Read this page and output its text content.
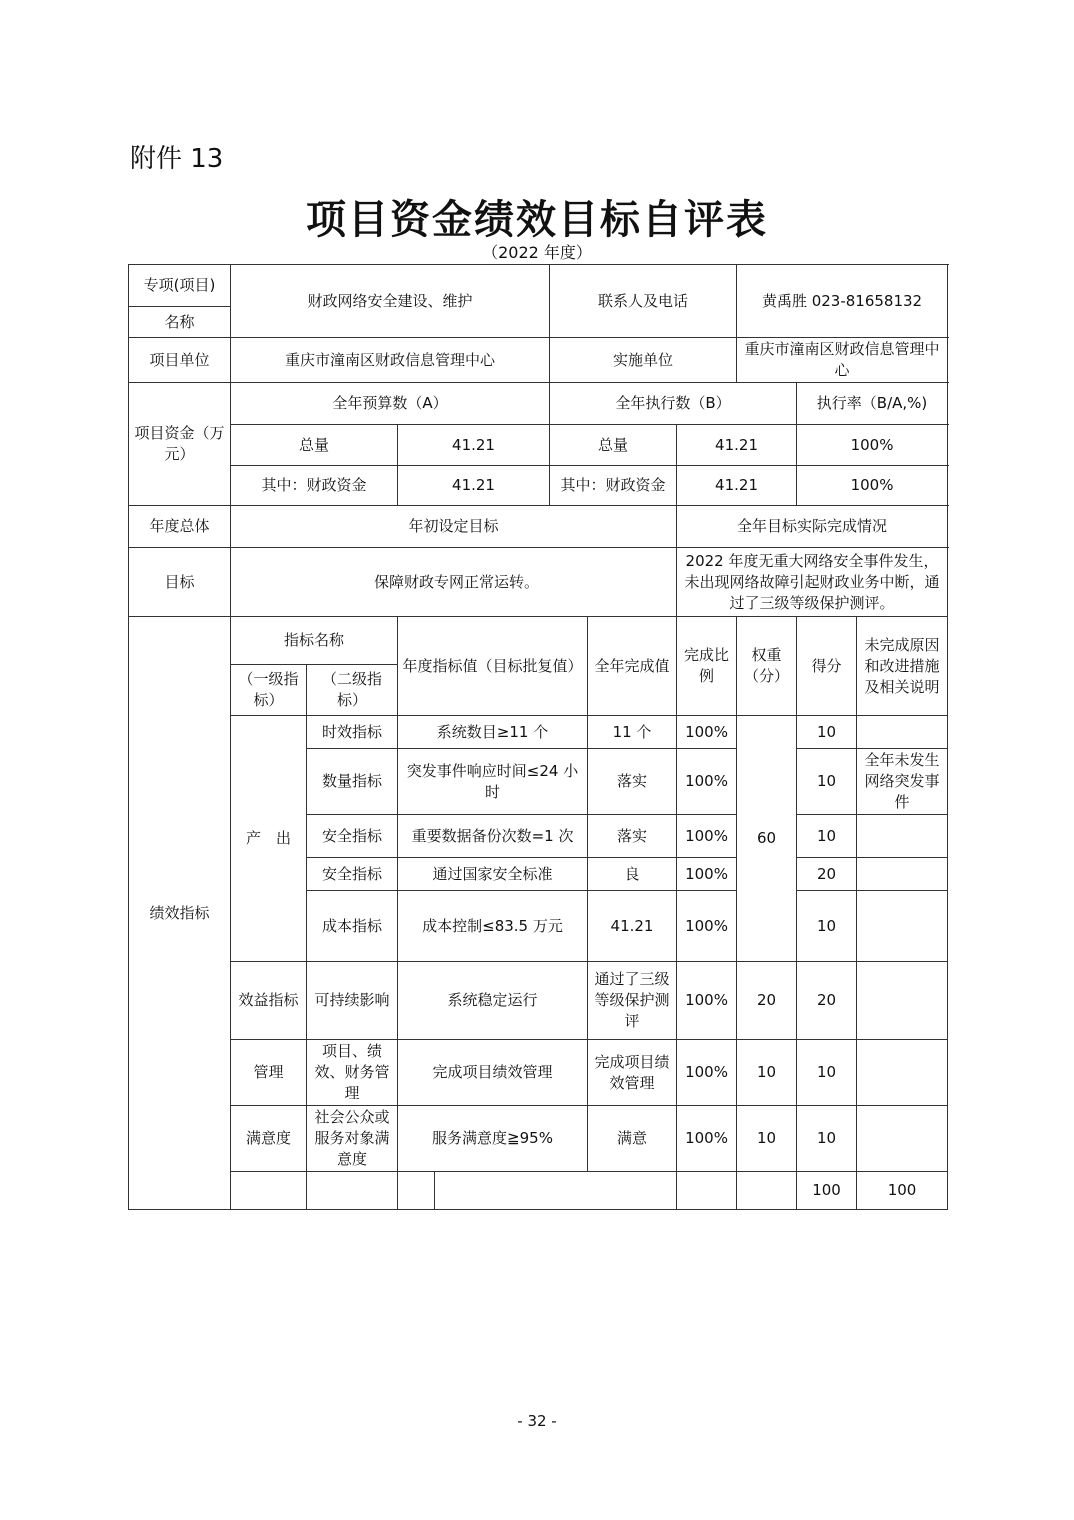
附件 13
项目资金绩效目标自评表
（2022 年度）
专项(项目)	财政网络安全建设、维护				联系人及电话			黄禹胜 023-81658132			
名称											
项目单位	重庆市潼南区财政信息管理中心				实施单位			重庆市潼南区财政信息管理中心			
项目资金（万元）	全年预算数（A）				全年执行数（B）				执行率（B/A,%)		
	总量		41.21		总量		41.21		100%		
	其中：财政资金		41.21		其中：财政资金		41.21		100%		
年度总体	年初设定目标						全年目标实际完成情况				
目标	保障财政专网正常运转。						2022 年度无重大网络安全事件发生，未出现网络故障引起财政业务中断，通过了三级等级保护测评。				
绩效指标	指标名称		年度指标值（目标批复值）			全年完成值	完成比例	权重（分）	得分	未完成原因和改进措施及相关说明	
	（一级指标）	（二级指标）									
	产　出	时效指标	系统数目≥11 个			11 个	100%	60	10		
		数量指标	突发事件响应时间≤24 小时			落实	100%		10	全年未发生网络突发事件	
		安全指标	重要数据备份次数=1 次			落实	100%		10		
		安全指标	通过国家安全标准			良	100%		20		
		成本指标	成本控制≤83.5 万元			41.21	100%		10		
	效益指标	可持续影响	系统稳定运行			通过了三级等级保护测评	100%	20	20		
	管理	项目、绩效、财务管理	完成项目绩效管理			完成项目绩效管理	100%	10	10		
	满意度	社会公众或服务对象满意度	服务满意度≧95%			满意	100%	10	10		
									100	100	
- 32 -
